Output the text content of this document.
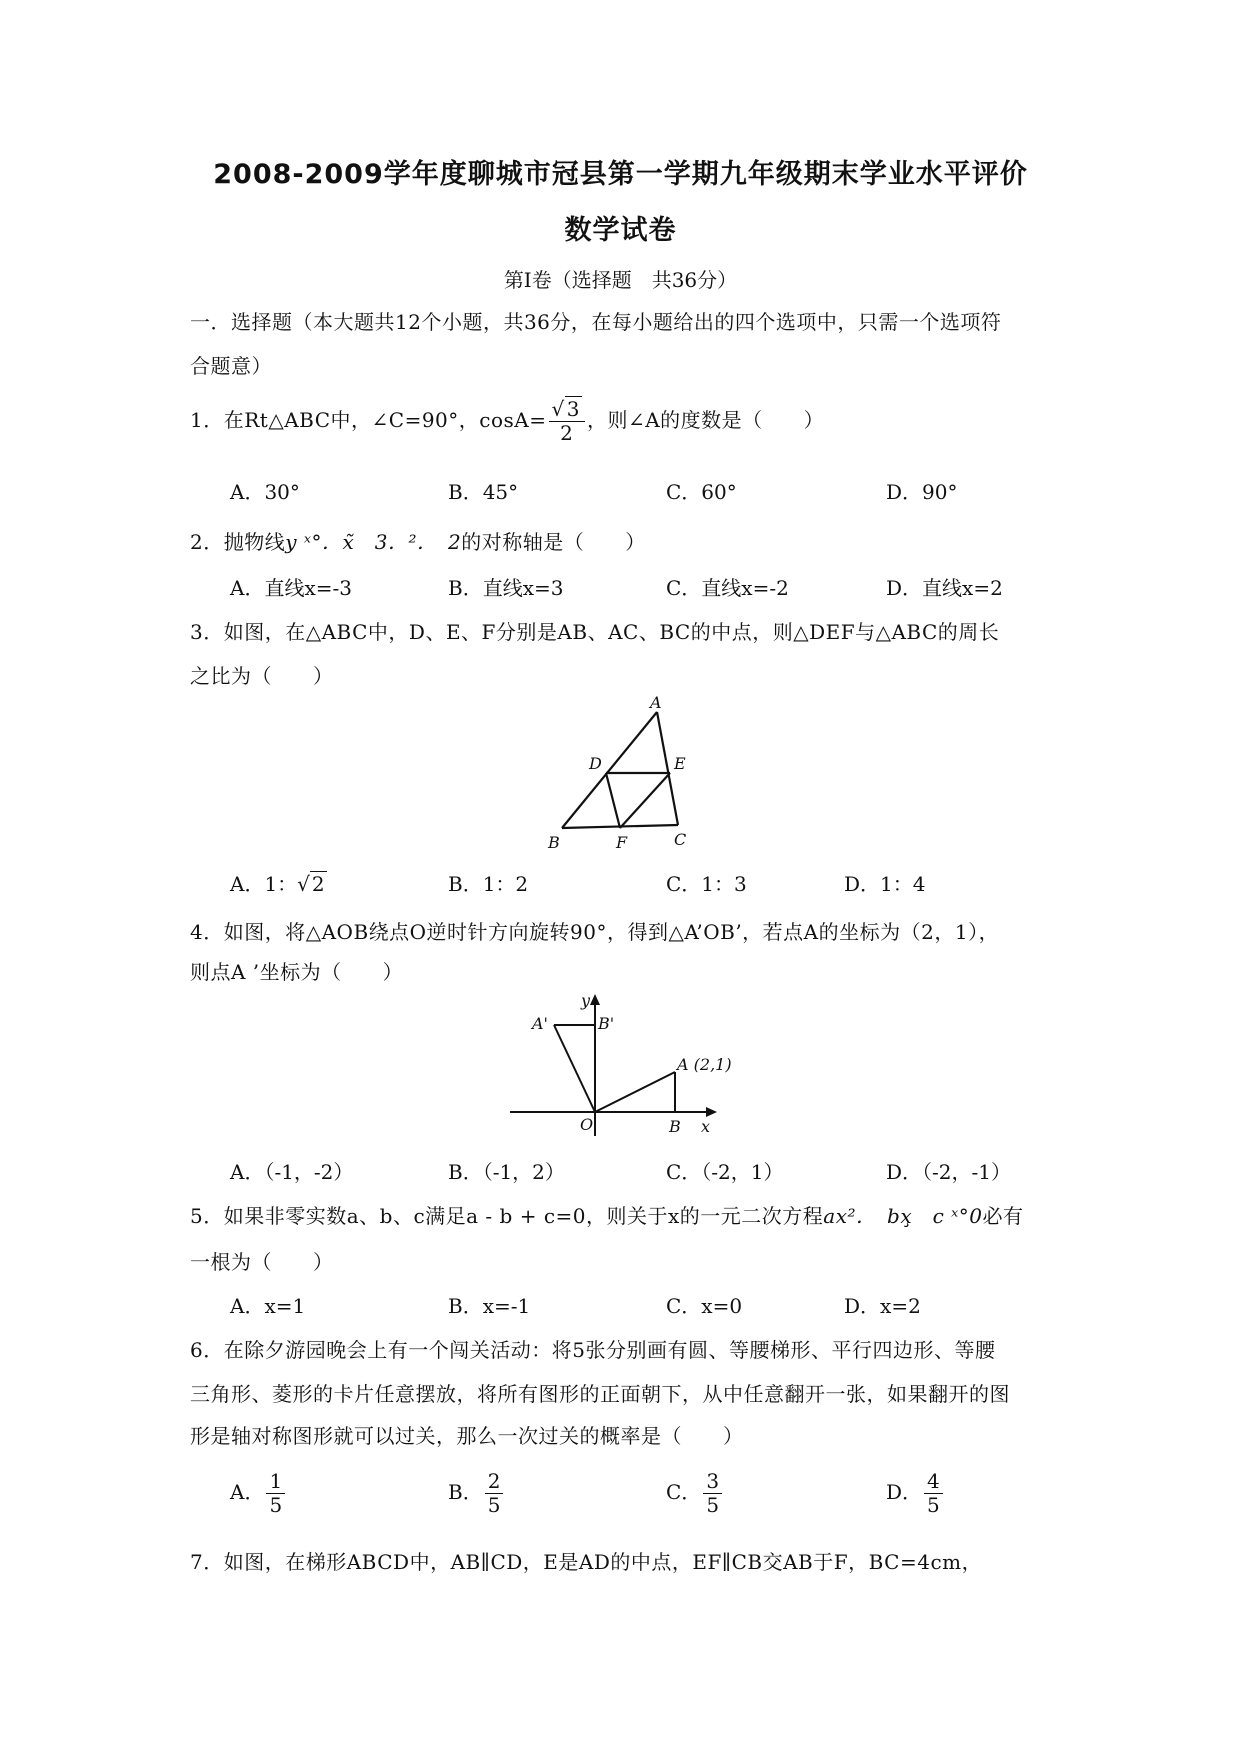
2008-2009学年度聊城市冠县第一学期九年级期末学业水平评价
数学试卷
第Ⅰ卷（选择题　共36分）
一．选择题（本大题共12个小题，共36分，在每小题给出的四个选项中，只需一个选项符
合题意）
1．在Rt△ABC中，∠C=90°，$\cos A= \frac{√ 3}{2}$ ，则∠A的度数是（　　）
A．30°	B．45°	C．60°	D．90°
2．抛物线y ˣ°．x̃　3．²．　2的对称轴是（　　）
A．直线x=-3	B．直线x=3	C．直线x=-2	D．直线x=2
3．如图，在△ABC中，D、E、F分别是AB、AC、BC的中点，则△DEF与△ABC的周长
之比为（　　）
A
B	C
D	E
F
A．1：√ 2	B．1：2	C．1：3	D．1：4
4．如图，将△AOB绕点O逆时针方向旋转90°，得到△A’OB’，若点A的坐标为（2，1），
则点A ’坐标为（　　）
y
x
O	B
A (2,1)
A'	B'
A．（-1，-2）	B．（-1，2）	C．（-2，1）	D．（-2，-1）
5．如果非零实数a、b、c满足a - b + c=0，则关于x的一元二次方程ax²．　bx̧　c ˣ°0必有
一根为（　　）
A．x=1	B．x=-1	C．x=0	D．x=2
6．在除夕游园晚会上有一个闯关活动：将5张分别画有圆、等腰梯形、平行四边形、等腰
三角形、菱形的卡片任意摆放，将所有图形的正面朝下，从中任意翻开一张，如果翻开的图
形是轴对称图形就可以过关，那么一次过关的概率是（　　）
A． $\frac{1}{5}$	B． $\frac{2}{5}$	C． $\frac{3}{5}$	D． $\frac{4}{5}$
7．如图，在梯形ABCD中，AB∥CD，E是AD的中点，EF∥CB交AB于F，BC=4cm，
